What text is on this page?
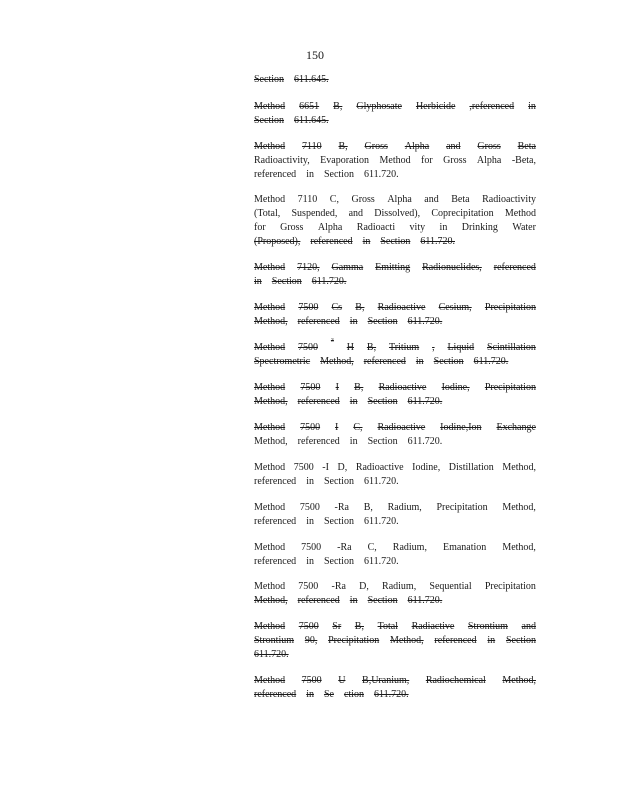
150
Section 611.645.
Method 6651 B, Glyphosate Herbicide ,referenced in
Section 611.645.
Method 7110 B, Gross Alpha and Gross Beta
Radioactivity, Evaporation Method for Gross Alpha -Beta,
referenced in Section 611.720.
Method 7110 C, Gross Alpha and Beta Radioactivity
(Total, Suspended, and Dissolved), Coprecipitation Method
for Gross Alpha Radioacti vity in Drinking Water
(Proposed), referenced in Section 611.720.
Method 7120, Gamma Emitting Radionuclides, referenced
in Section 611.720.
Method 7500 Cs B, Radioactive Cesium, Precipitation
Method, referenced in Section 611.720.
Method 7500
3
H B, Tritium , Liquid Scintillation
Spectrometric Method, referenced in Section 611.720.
Method 7500 I B, Radioactive Iodine, Precipitation
Method, referenced in Section 611.720.
Method 7500 I C, Radioactive Iodine,Ion Exchange
Method, referenced in Section 611.720.
Method 7500 -I D, Radioactive Iodine, Distillation Method,
referenced in Section 611.720.
Method 7500 -Ra B, Radium, Precipitation Method,
referenced in Section 611.720.
Method 7500 -Ra C, Radium, Emanation Method,
referenced in Section 611.720.
Method 7500 -Ra D, Radium, Sequential Precipitation
Method, referenced in Section 611.720.
Method 7500 Sr B, Total Radiactive Strontium and
Strontium 90, Precipitation Method, referenced in Section
611.720.
Method 7500 U B,Uranium, Radiochemical Method,
referenced in Se ction 611.720.
